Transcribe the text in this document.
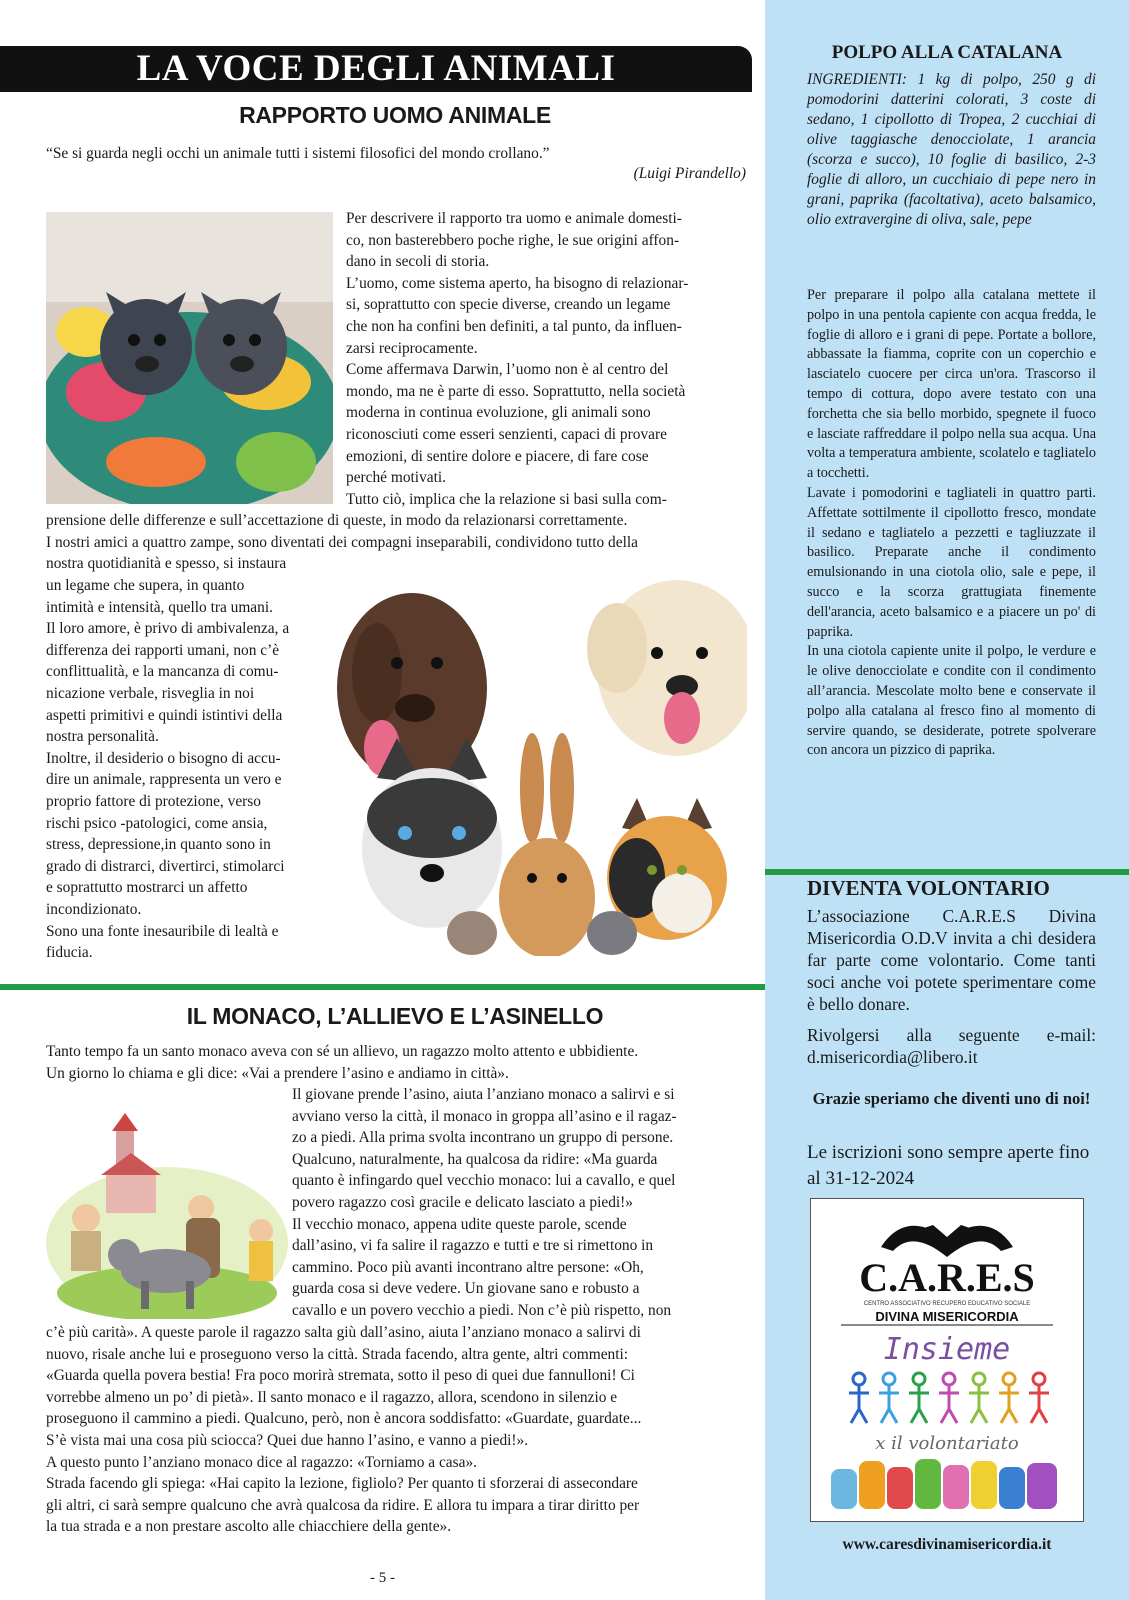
LA VOCE DEGLI ANIMALI
RAPPORTO UOMO ANIMALE
“Se si guarda negli occhi un animale tutti i sistemi filosofici del mondo crollano.”
(Luigi Pirandello)

Per descrivere il rapporto tra uomo e animale domesti-
co, non basterebbero poche righe, le sue origini affon-
dano in secoli di storia.
L’uomo, come sistema aperto, ha bisogno di relazionar-
si, soprattutto con specie diverse, creando un legame
che non ha confini ben definiti, a tal punto, da influen-
zarsi reciprocamente.
Come affermava Darwin, l’uomo non è al centro del
mondo, ma ne è parte di esso. Soprattutto, nella società
moderna in continua evoluzione, gli animali sono
riconosciuti come esseri senzienti, capaci di provare
emozioni, di sentire dolore e piacere, di fare cose
perché motivati.
Tutto ciò, implica che la relazione si basi sulla com-

prensione delle differenze e sull’accettazione di queste, in modo da relazionarsi correttamente.
I nostri amici a quattro zampe, sono diventati dei compagni inseparabili, condividono tutto della
nostra quotidianità e spesso, si instaura

un legame che supera, in quanto
intimità e intensità, quello tra umani.
Il loro amore, è privo di ambivalenza, a
differenza dei rapporti umani, non c’è
conflittualità, e la mancanza di comu-
nicazione verbale, risveglia in noi
aspetti primitivi e quindi istintivi della
nostra personalità.
Inoltre, il desiderio o bisogno di accu-
dire un animale, rappresenta un vero e
proprio fattore di protezione, verso
rischi psico -patologici, come ansia,
stress, depressione,in quanto sono in
grado di distrarci, divertirci, stimolarci
e soprattutto mostrarci un affetto
incondizionato.
Sono una fonte inesauribile di lealtà e
fiducia.

IL MONACO, L’ALLIEVO E L’ASINELLO

Tanto tempo fa un santo monaco aveva con sé un allievo, un ragazzo molto attento e ubbidiente.
Un giorno lo chiama e gli dice: «Vai a prendere l’asino e andiamo in città».

Il giovane prende l’asino, aiuta l’anziano monaco a salirvi e si
avviano verso la città, il monaco in groppa all’asino e il ragaz-
zo a piedi. Alla prima svolta incontrano un gruppo di persone.
Qualcuno, naturalmente, ha qualcosa da ridire: «Ma guarda
quanto è infingardo quel vecchio monaco: lui a cavallo, e quel
povero ragazzo così gracile e delicato lasciato a piedi!»
Il vecchio monaco, appena udite queste parole, scende
dall’asino, vi fa salire il ragazzo e tutti e tre si rimettono in
cammino. Poco più avanti incontrano altre persone: «Oh,
guarda cosa si deve vedere. Un giovane sano e robusto a
cavallo e un povero vecchio a piedi. Non c’è più rispetto, non

c’è più carità». A queste parole il ragazzo salta giù dall’asino, aiuta l’anziano monaco a salirvi di
nuovo, risale anche lui e proseguono verso la città. Strada facendo, altra gente, altri commenti:
«Guarda quella povera bestia! Fra poco morirà stremata, sotto il peso di quei due fannulloni! Ci
vorrebbe almeno un po’ di pietà». Il santo monaco e il ragazzo, allora, scendono in silenzio e
proseguono il cammino a piedi. Qualcuno, però, non è ancora soddisfatto: «Guardate, guardate...
S’è vista mai una cosa più sciocca? Quei due hanno l’asino, e vanno a piedi!».
A questo punto l’anziano monaco dice al ragazzo: «Torniamo a casa».
Strada facendo gli spiega: «Hai capito la lezione, figliolo? Per quanto ti sforzerai di assecondare
gli altri, ci sarà sempre qualcuno che avrà qualcosa da ridire. E allora tu impara a tirar diritto per
la tua strada e a non prestare ascolto alle chiacchiere della gente».

- 5 -
POLPO ALLA CATALANA
INGREDIENTI: 1 kg di polpo, 250 g di pomodorini datterini colorati, 3 coste di sedano, 1 cipollotto di Tropea, 2 cucchiai di olive taggiasche denocciolate, 1 arancia (scorza e succo), 10 foglie di basilico, 2-3 foglie di alloro, un cucchiaio di pepe nero in grani, paprika (facoltativa), aceto balsamico, olio extravergine di oliva, sale, pepe
Per preparare il polpo alla catalana mettete il polpo in una pentola capiente con acqua fredda, le foglie di alloro e i grani di pepe. Portate a bollore, abbassate la fiamma, coprite con un coperchio e lasciatelo cuocere per circa un'ora. Trascorso il tempo di cottura, dopo avere testato con una forchetta che sia bello morbido, spegnete il fuoco e lasciate raffreddare il polpo nella sua acqua. Una volta a temperatura ambiente, scolatelo e tagliatelo a tocchetti.
Lavate i pomodorini e tagliateli in quattro parti. Affettate sottilmente il cipollotto fresco, mondate il sedano e tagliatelo a pezzetti e tagliuzzate il basilico. Preparate anche il condimento emulsionando in una ciotola olio, sale e pepe, il succo e la scorza grattugiata finemente dell'arancia, aceto balsamico e a piacere un po' di paprika.
In una ciotola capiente unite il polpo, le verdure e le olive denocciolate e condite con il condimento all’arancia. Mescolate molto bene e conservate il polpo alla catalana al fresco fino al momento di servire quando, se desiderate, potrete spolverare con ancora un pizzico di paprika.
DIVENTA VOLONTARIO
L’associazione C.A.R.E.S Divina Misericordia O.D.V invita a chi desidera far parte come volontario. Come tanti soci anche voi potete sperimentare come è bello donare.
Rivolgersi alla seguente e-mail: d.misericordia@libero.it
Grazie speriamo che diventi uno di noi!
Le iscrizioni sono sempre aperte fino al 31-12-2024
www.caresdivinamisericordia.it
C.A.R.E.S
CENTRO ASSOCIATIVO RECUPERO EDUCATIVO SOCIALE
DIVINA MISERICORDIA
Insieme
x il volontariato
